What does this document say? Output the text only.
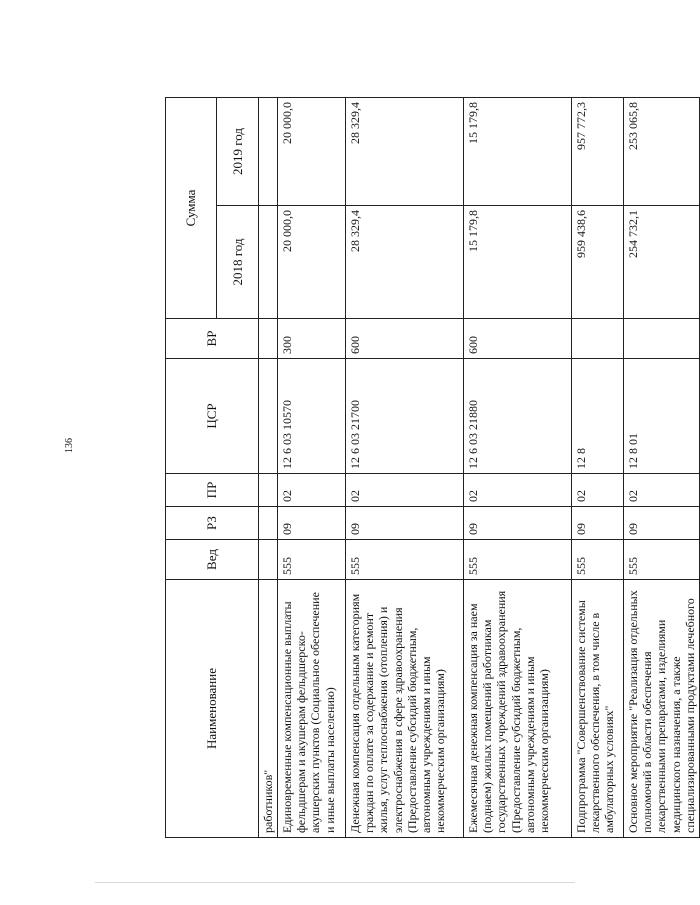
136
Наименование	Вед	РЗ	ПР	ЦСР	ВР	Сумма	
						2018 год	2019 год
работников"							
Единовременные компенсационные выплаты фельдшерам и акушерам фельдшерско-акушерских пунктов (Социальное обеспечение и иные выплаты населению)	555	09	02	12 6 03 10570	300	20 000,0	20 000,0
Денежная компенсация отдельным категориям граждан по оплате за содержание и ремонт жилья, услуг теплоснабжения (отопления) и электроснабжения в сфере здравоохранения (Предоставление субсидий бюджетным, автономным учреждениям и иным некоммерческим организациям)	555	09	02	12 6 03 21700	600	28 329,4	28 329,4
Ежемесячная денежная компенсация за наем (поднаем) жилых помещений работникам государственных учреждений здравоохранения (Предоставление субсидий бюджетным, автономным учреждениям и иным некоммерческим организациям)	555	09	02	12 6 03 21880	600	15 179,8	15 179,8
Подпрограмма "Совершенствование системы лекарственного обеспечения, в том числе в амбулаторных условиях"	555	09	02	12 8		959 438,6	957 772,3
Основное мероприятие "Реализация отдельных полномочий в области обеспечения лекарственными препаратами, изделиями медицинского назначения, а также специализированными продуктами лечебного	555	09	02	12 8 01		254 732,1	253 065,8
